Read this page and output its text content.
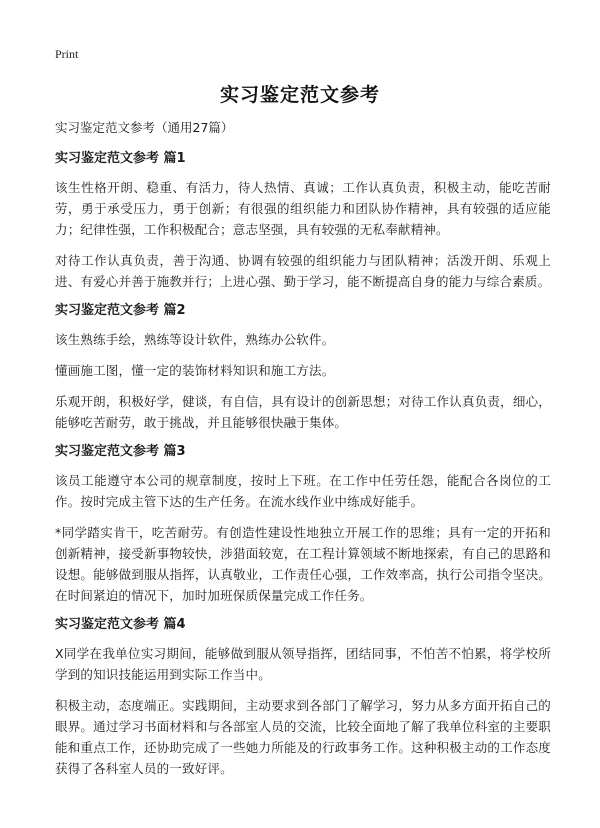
Print
实习鉴定范文参考

实习鉴定范文参考（通用27篇）

实习鉴定范文参考 篇1

该生性格开朗、稳重、有活力，待人热情、真诚；工作认真负责，积极主动，能吃苦耐劳，勇于承受压力，勇于创新；有很强的组织能力和团队协作精神，具有较强的适应能力；纪律性强，工作积极配合；意志坚强，具有较强的无私奉献精神。

对待工作认真负责，善于沟通、协调有较强的组织能力与团队精神；活泼开朗、乐观上进、有爱心并善于施教并行；上进心强、勤于学习，能不断提高自身的能力与综合素质。

实习鉴定范文参考 篇2

该生熟练手绘，熟练等设计软件，熟练办公软件。

懂画施工图，懂一定的装饰材料知识和施工方法。

乐观开朗，积极好学，健谈，有自信，具有设计的创新思想；对待工作认真负责，细心，能够吃苦耐劳，敢于挑战，并且能够很快融于集体。

实习鉴定范文参考 篇3

该员工能遵守本公司的规章制度，按时上下班。在工作中任劳任怨，能配合各岗位的工作。按时完成主管下达的生产任务。在流水线作业中练成好能手。

*同学踏实肯干，吃苦耐劳。有创造性建设性地独立开展工作的思维；具有一定的开拓和创新精神，接受新事物较快，涉猎面较宽，在工程计算领域不断地探索，有自己的思路和设想。能够做到服从指挥，认真敬业，工作责任心强，工作效率高，执行公司指令坚决。在时间紧迫的情况下，加时加班保质保量完成工作任务。

实习鉴定范文参考 篇4

X同学在我单位实习期间，能够做到服从领导指挥，团结同事，不怕苦不怕累，将学校所学到的知识技能运用到实际工作当中。

积极主动，态度端正。实践期间，主动要求到各部门了解学习，努力从多方面开拓自己的眼界。通过学习书面材料和与各部室人员的交流，比较全面地了解了我单位科室的主要职能和重点工作，还协助完成了一些她力所能及的行政事务工作。这种积极主动的工作态度获得了各科室人员的一致好评。
